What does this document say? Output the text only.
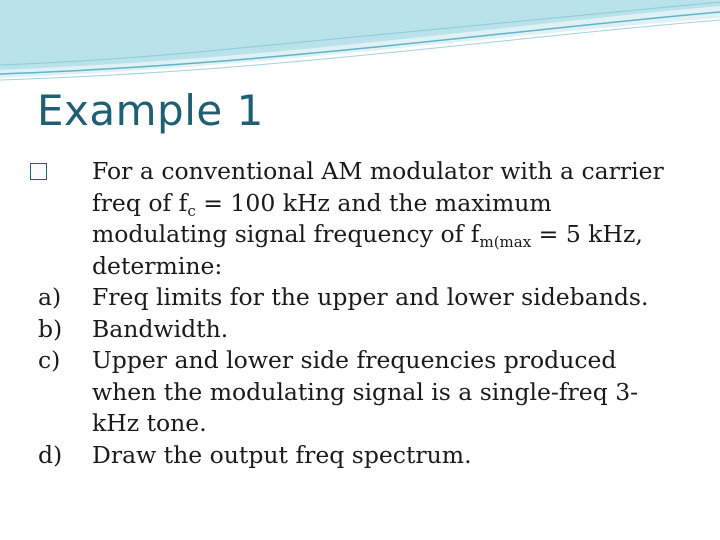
Example 1
For a conventional AM modulator with a carrier
freq of $f_c = 100$ kHz and the maximum
modulating signal frequency of $f_{m(max} = 5$ kHz,
determine:
a)	Freq limits for the upper and lower sidebands.
b)	Bandwidth.
c)	Upper and lower side frequencies produced
when the modulating signal is a single-freq 3-
kHz tone.
d)	Draw the output freq spectrum.
